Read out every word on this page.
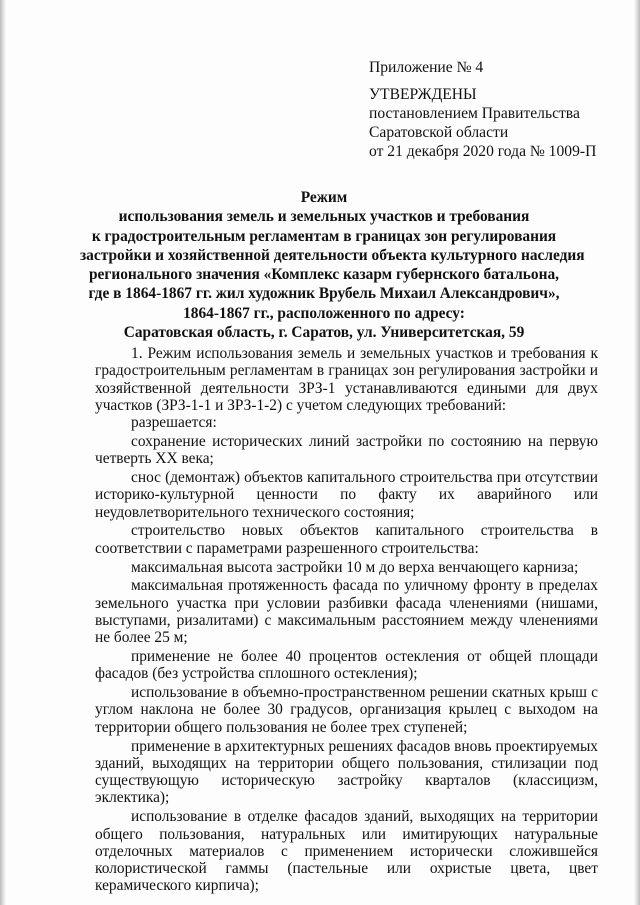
Приложение № 4
УТВЕРЖДЕНЫ
постановлением Правительства
Саратовской области
от 21 декабря 2020 года № 1009-П
Режим
использования земель и земельных участков и требования
к градостроительным регламентам в границах зон регулирования
застройки и хозяйственной деятельности объекта культурного наследия
регионального значения «Комплекс казарм губернского батальона,
где в 1864-1867 гг. жил художник Врубель Михаил Александрович»,
1864-1867 гг., расположенного по адресу:
Саратовская область, г. Саратов, ул. Университетская, 59

1. Режим использования земель и земельных участков и требования к градостроительным регламентам в границах зон регулирования застройки и хозяйственной деятельности ЗРЗ-1 устанавливаются едиными для двух участков (ЗРЗ-1-1 и ЗРЗ-1-2) с учетом следующих требований:

разрешается:

сохранение исторических линий застройки по состоянию на первую четверть XX века;

снос (демонтаж) объектов капитального строительства при отсутствии историко-культурной ценности по факту их аварийного или неудовлетворительного технического состояния;

строительство новых объектов капитального строительства в соответствии с параметрами разрешенного строительства:

максимальная высота застройки 10 м до верха венчающего карниза;

максимальная протяженность фасада по уличному фронту в пределах земельного участка при условии разбивки фасада членениями (нишами, выступами, ризалитами) с максимальным расстоянием между членениями не более 25 м;

применение не более 40 процентов остекления от общей площади фасадов (без устройства сплошного остекления);

использование в объемно-пространственном решении скатных крыш с углом наклона не более 30 градусов, организация крылец с выходом на территории общего пользования не более трех ступеней;

применение в архитектурных решениях фасадов вновь проектируемых зданий, выходящих на территории общего пользования, стилизации под существующую историческую застройку кварталов (классицизм, эклектика);

использование в отделке фасадов зданий, выходящих на территории общего пользования, натуральных или имитирующих натуральные отделочных материалов с применением исторически сложившейся колористической гаммы (пастельные или охристые цвета, цвет керамического кирпича);
